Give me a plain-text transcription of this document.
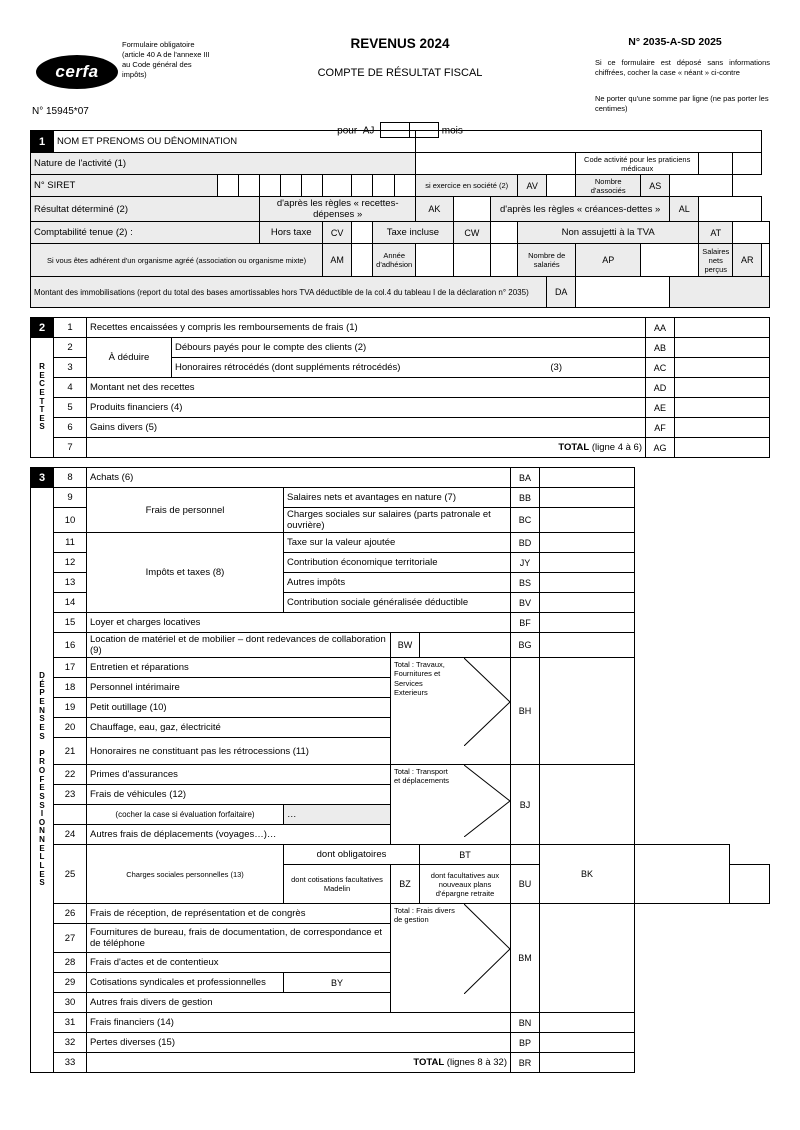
cerfa
N° 15945*07
Formulaire obligatoire (article 40 A de l'annexe III au Code général des impôts)
REVENUS 2024
COMPTE DE RÉSULTAT FISCAL
N° 2035-A-SD 2025
Si ce formulaire est déposé sans informations chiffrées, cocher la case « néant » ci-contre
Ne porter qu'une somme par ligne (ne pas porter les centimes)
pour AJ	mois
1	NOM ET PRENOMS OU DÉNOMINATION																				
Nature de l'activité (1)																Code activité pour les praticiens médicaux					
N° SIRET											si exercice en société (2)			AV		Nombre d'associés	AS				
Résultat déterminé (2)				d'après les règles « recettes-dépenses »							AK		d'après les règles « créances-dettes »					AL			
Comptabilité tenue (2) :				Hors taxe			CV		Taxe incluse			CW		Non assujetti à la TVA					AT		
Si vous êtes adhérent d'un organisme agréé (association ou organisme mixte)							AM		Année d'adhésion					Nombre de salariés		AP			Salaires nets perçus	AR	
Montant des immobilisations (report du total des bases amortissables hors TVA déductible de la col.4 du tableau I de la déclaration n° 2035)															DA						
2	1	Recettes encaissées y compris les remboursements de frais (1)		AA	

R
E
C
E
T
T
E
S
	2	À déduire	Débours payés pour le compte des clients (2)	AB	
	3		Honoraires rétrocédés (dont suppléments rétrocédés) (3)	AC	
	4	Montant net des recettes		AD	
	5	Produits financiers (4)		AE	
	6	Gains divers (5)		AF	
	7	TOTAL (ligne 4 à 6)		AG	
3	8	Achats (6)				BA			

D
É
P
E
N
S
E
S

P
R
O
F
E
S
S
I
O
N
N
E
L
L
E
S
	9	Frais de personnel	Salaires nets et avantages en nature (7)	BB	
	10		Charges sociales sur salaires (parts patronale et ouvrière)			BC			
	11	Impôts et taxes (8)	Taxe sur la valeur ajoutée			BD			
	12		Contribution économique territoriale			JY			
	13		Autres impôts			BS			
	14		Contribution sociale généralisée déductible			BV			
	15	Loyer et charges locatives				BF			
	16	Location de matériel et de mobilier – dont redevances de collaboration (9)		BW		BG			
	17	Entretien et réparations		Total : Travaux, Fournitures et Services Exterieurs		BH			
	18	Personnel intérimaire							
	19	Petit outillage (10)							
	20	Chauffage, eau, gaz, électricité							
	21	Honoraires ne constituant pas les rétrocessions (11)							
	22	Primes d'assurances		Total : Transport et déplacements		BJ			
	23	Frais de véhicules (12)							
		(cocher la case si évaluation forfaitaire)	…						

	24	Autres frais de déplacements (voyages…)…							
	25	Charges sociales personnelles (13)	dont obligatoires		BT		BK		
			dont cotisations facultatives Madelin	BZ	dont facultatives aux nouveaux plans d'épargne retraite	BU			
	26	Frais de réception, de représentation et de congrès		Total : Frais divers de gestion		BM			
	27	Fournitures de bureau, frais de documentation, de correspondance et de téléphone							
	28	Frais d'actes et de contentieux							
	29	Cotisations syndicales et professionnelles	BY						
	30	Autres frais divers de gestion							
	31	Frais financiers (14)				BN			
	32	Pertes diverses (15)				BP			
	33	TOTAL (lignes 8 à 32)				BR			
